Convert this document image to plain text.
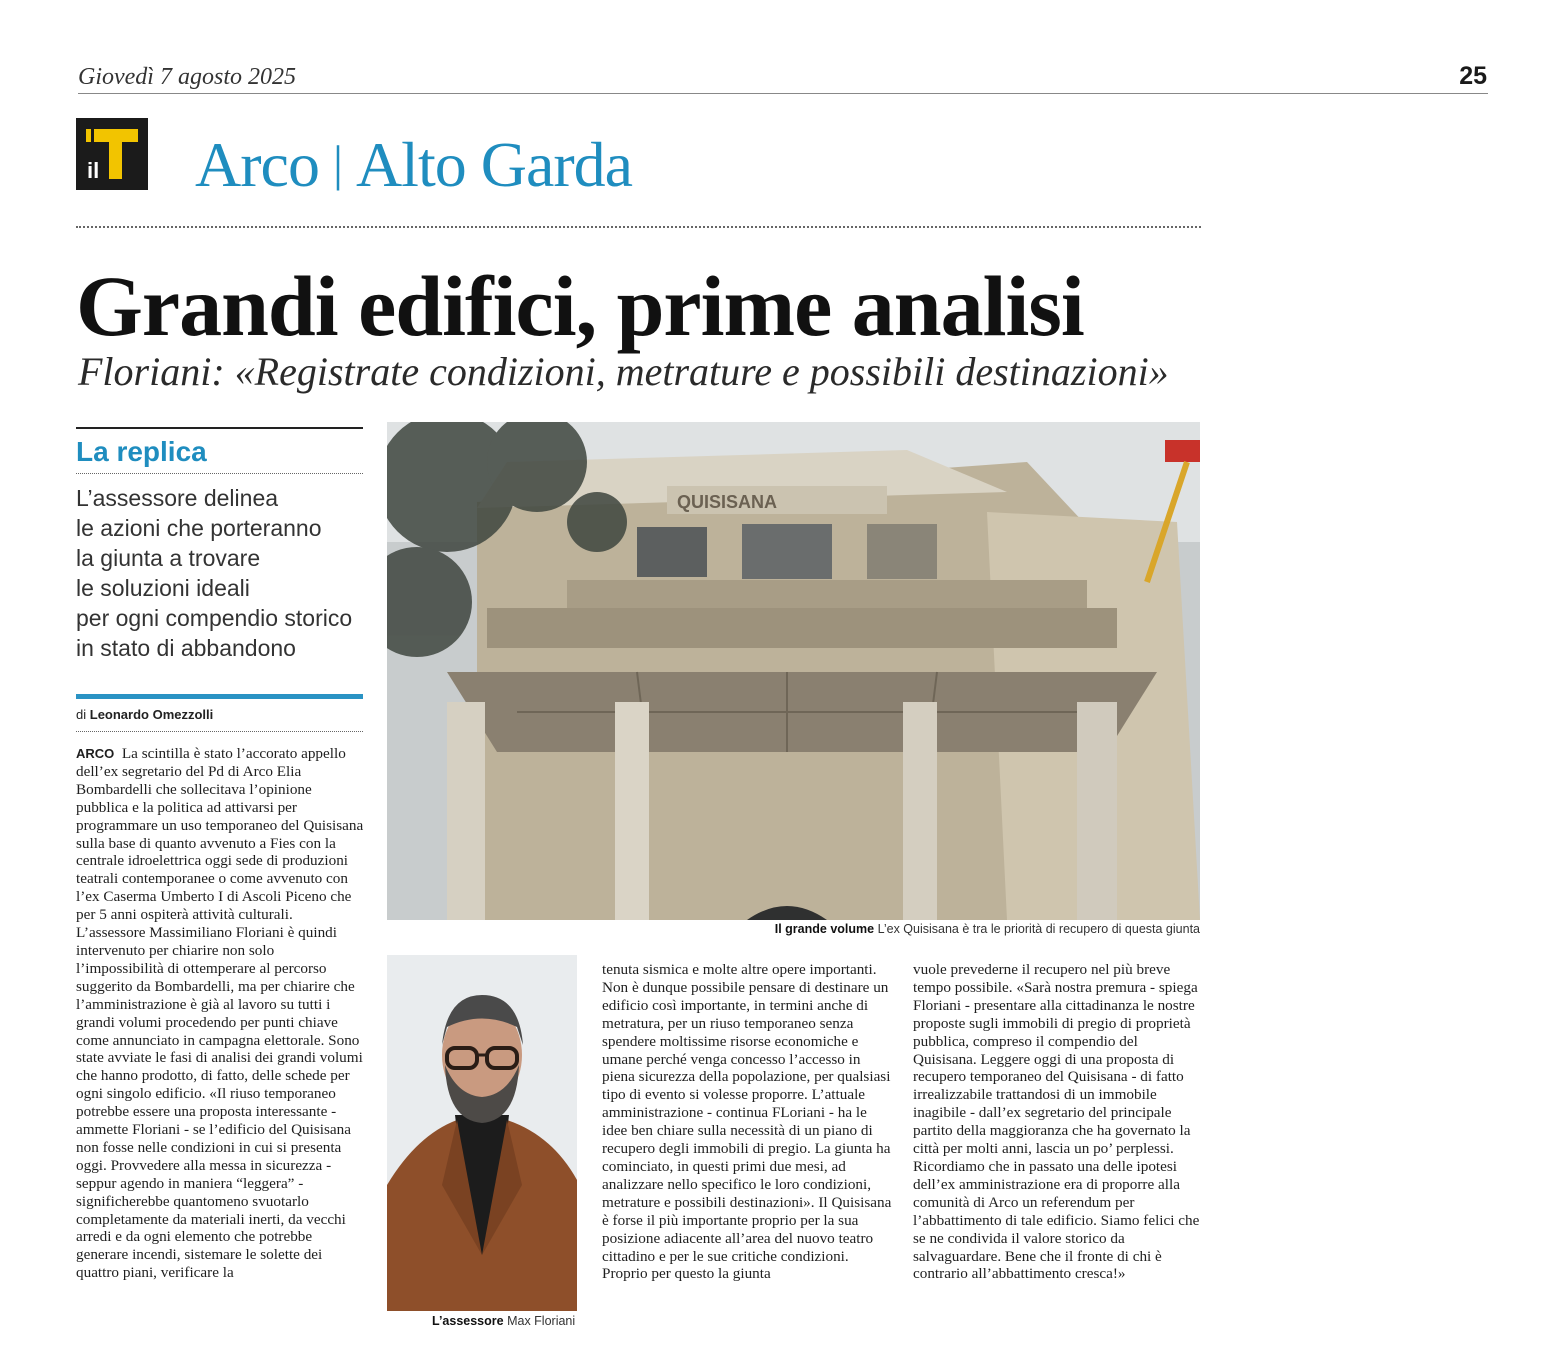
Giovedì 7 agosto 2025	25
il Arco | Alto Garda
Grandi edifici, prime analisi
Floriani: «Registrate condizioni, metrature e possibili destinazioni»
La replica
L’assessore delinea
le azioni che porteranno
la giunta a trovare
le soluzioni ideali
per ogni compendio storico
in stato di abbandono
di Leonardo Omezzolli
ARCO La scintilla è stato l’accorato appello dell’ex segretario del Pd di Arco Elia Bombardelli che sollecitava l’opinione pubblica e la politica ad attivarsi per programmare un uso temporaneo del Quisisana sulla base di quanto avvenuto a Fies con la centrale idroelettrica oggi sede di produzioni teatrali contemporanee o come avvenuto con l’ex Caserma Umberto I di Ascoli Piceno che per 5 anni ospiterà attività culturali. L’assessore Massimiliano Floriani è quindi intervenuto per chiarire non solo l’impossibilità di ottemperare al percorso suggerito da Bombardelli, ma per chiarire che l’amministrazione è già al lavoro su tutti i grandi volumi procedendo per punti chiave come annunciato in campagna elettorale. Sono state avviate le fasi di analisi dei grandi volumi che hanno prodotto, di fatto, delle schede per ogni singolo edificio. «Il riuso temporaneo potrebbe essere una proposta interessante - ammette Floriani - se l’edificio del Quisisana non fosse nelle condizioni in cui si presenta oggi. Provvedere alla messa in sicurezza - seppur agendo in maniera “leggera” - significherebbe quantomeno svuotarlo completamente da materiali inerti, da vecchi arredi e da ogni elemento che potrebbe generare incendi, sistemare le solette dei quattro piani, verificare la
QUISISANA
Il grande volume L’ex Quisisana è tra le priorità di recupero di questa giunta
L’assessore Max Floriani
tenuta sismica e molte altre opere importanti. Non è dunque possibile pensare di destinare un edificio così importante, in termini anche di metratura, per un riuso temporaneo senza spendere moltissime risorse economiche e umane perché venga concesso l’accesso in piena sicurezza della popolazione, per qualsiasi tipo di evento si volesse proporre. L’attuale amministrazione - continua FLoriani - ha le idee ben chiare sulla necessità di un piano di recupero degli immobili di pregio. La giunta ha cominciato, in questi primi due mesi, ad analizzare nello specifico le loro condizioni, metrature e possibili destinazioni». Il Quisisana è forse il più importante proprio per la sua posizione adiacente all’area del nuovo teatro cittadino e per le sue critiche condizioni. Proprio per questo la giunta
vuole prevederne il recupero nel più breve tempo possibile. «Sarà nostra premura - spiega Floriani - presentare alla cittadinanza le nostre proposte sugli immobili di pregio di proprietà pubblica, compreso il compendio del Quisisana. Leggere oggi di una proposta di recupero temporaneo del Quisisana - di fatto irrealizzabile trattandosi di un immobile inagibile - dall’ex segretario del principale partito della maggioranza che ha governato la città per molti anni, lascia un po’ perplessi. Ricordiamo che in passato una delle ipotesi dell’ex amministrazione era di proporre alla comunità di Arco un referendum per l’abbattimento di tale edificio. Siamo felici che se ne condivida il valore storico da salvaguardare. Bene che il fronte di chi è contrario all’abbattimento cresca!»
